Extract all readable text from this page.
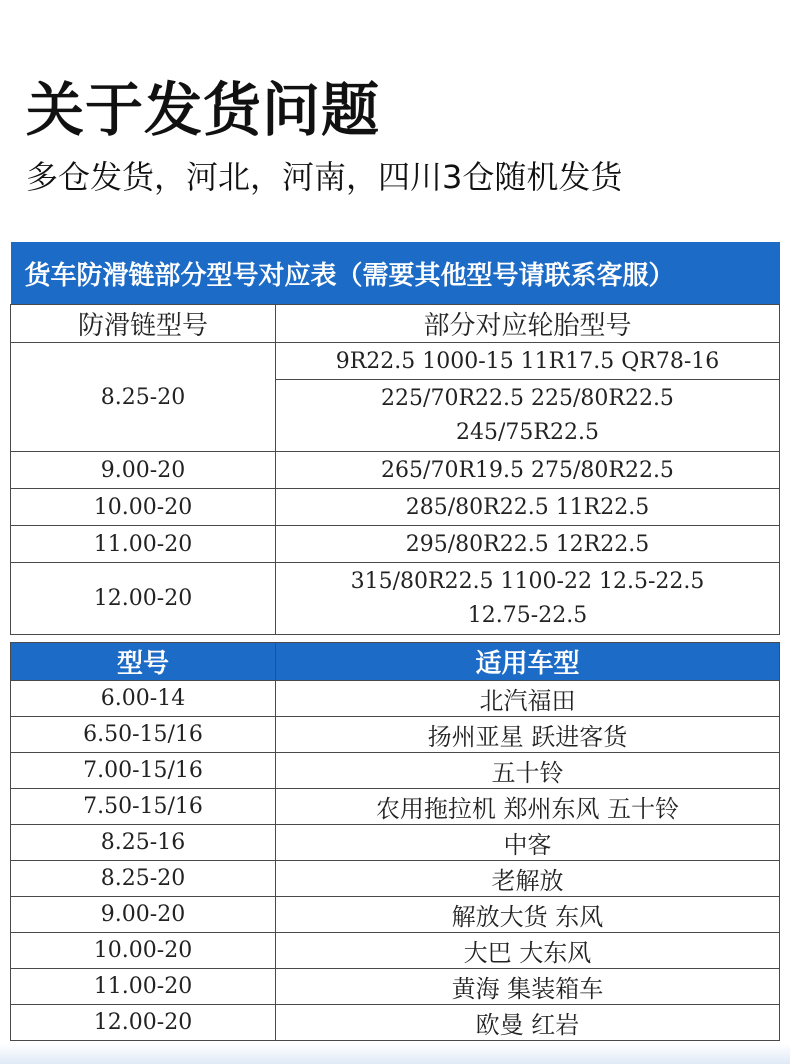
关于发货问题
多仓发货，河北，河南，四川3仓随机发货
货车防滑链部分型号对应表（需要其他型号请联系客服）	
防滑链型号	部分对应轮胎型号
8.25-20	9R22.5 1000-15 11R17.5 QR78-16

	225/70R22.5 225/80R22.5
245/75R22.5

9.00-20	265/70R19.5 275/80R22.5
10.00-20	285/80R22.5 11R22.5
11.00-20	295/80R22.5 12R22.5
12.00-20	315/80R22.5 1100-22 12.5-22.5
12.75-22.5
型号	适用车型
6.00-14	北汽福田
6.50-15/16	扬州亚星 跃进客货
7.00-15/16	五十铃
7.50-15/16	农用拖拉机 郑州东风 五十铃
8.25-16	中客
8.25-20	老解放
9.00-20	解放大货 东风
10.00-20	大巴 大东风
11.00-20	黄海 集装箱车
12.00-20	欧曼 红岩
